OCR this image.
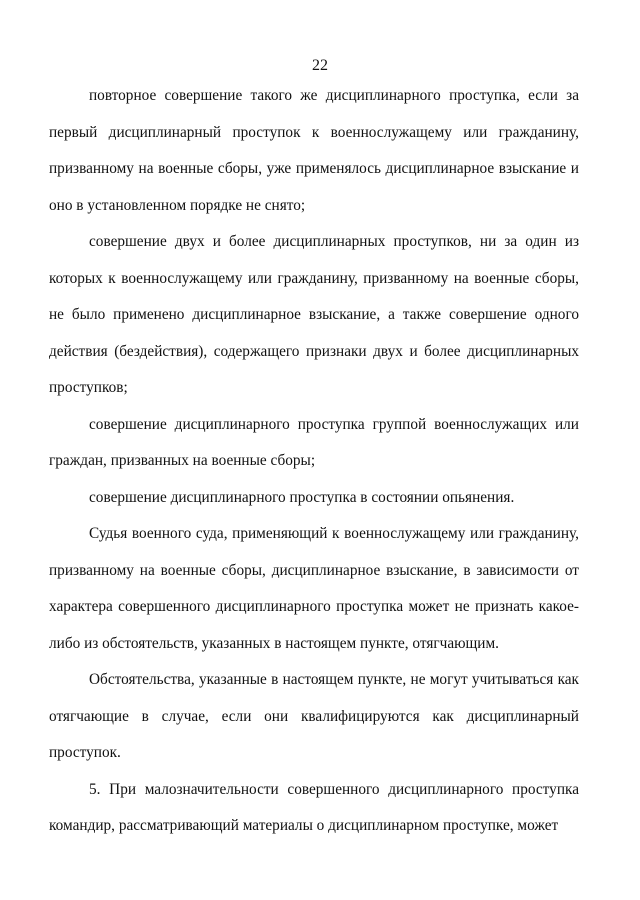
22

повторное совершение такого же дисциплинарного проступка, если за первый дисциплинарный проступок к военнослужащему или гражданину, призванному на военные сборы, уже применялось дисциплинарное взыскание и оно в установленном порядке не снято;

совершение двух и более дисциплинарных проступков, ни за один из которых к военнослужащему или гражданину, призванному на военные сборы, не было применено дисциплинарное взыскание, а также совершение одного действия (бездействия), содержащего признаки двух и более дисциплинарных проступков;

совершение дисциплинарного проступка группой военнослужащих или граждан, призванных на военные сборы;

совершение дисциплинарного проступка в состоянии опьянения.

Судья военного суда, применяющий к военнослужащему или гражданину, призванному на военные сборы, дисциплинарное взыскание, в зависимости от характера совершенного дисциплинарного проступка может не признать какое-либо из обстоятельств, указанных в настоящем пункте, отягчающим.

Обстоятельства, указанные в настоящем пункте, не могут учитываться как отягчающие в случае, если они квалифицируются как дисциплинарный проступок.

5. При малозначительности совершенного дисциплинарного проступка командир, рассматривающий материалы о дисциплинарном проступке, может
